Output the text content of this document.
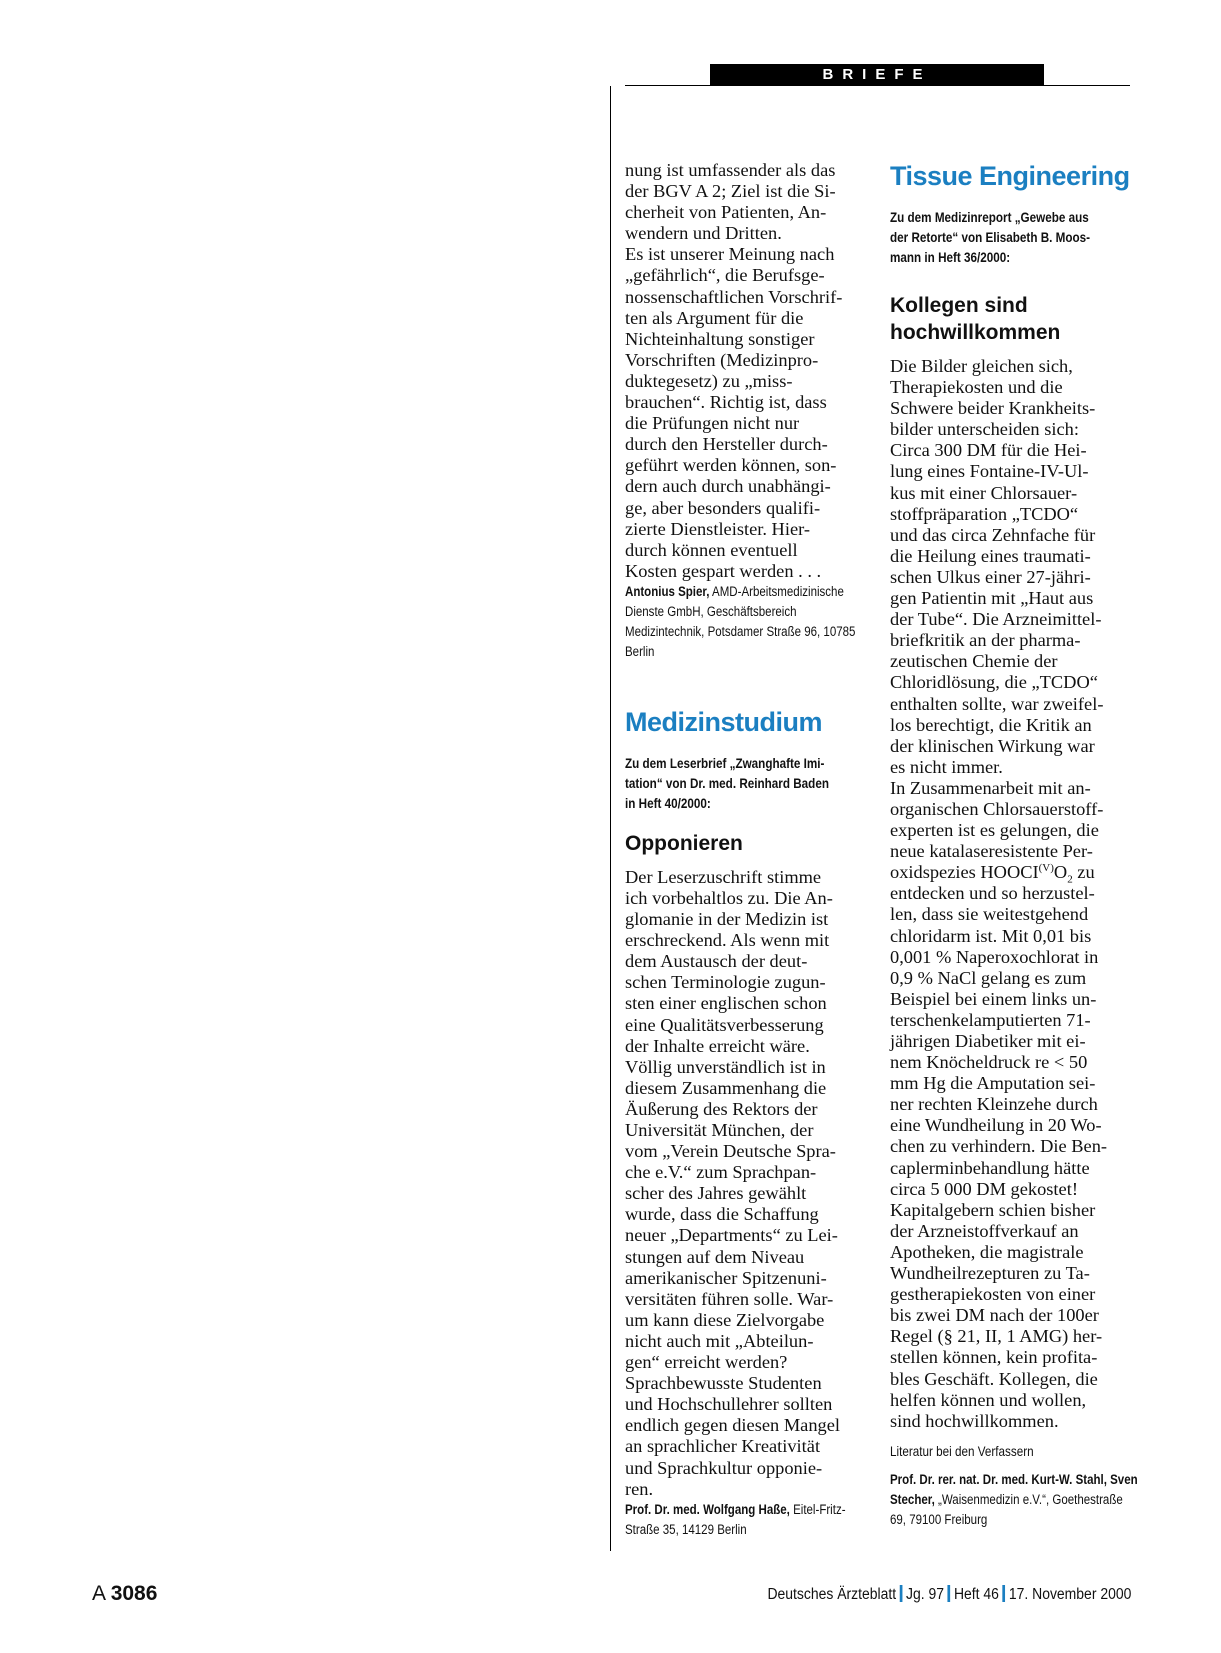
BRIEFE

nung ist umfassender als das
der BGV A 2; Ziel ist die Si-
cherheit von Patienten, An-
wendern und Dritten.
Es ist unserer Meinung nach
„gefährlich“, die Berufsge-
nossenschaftlichen Vorschrif-
ten als Argument für die
Nichteinhaltung sonstiger
Vorschriften (Medizinpro-
duktegesetz) zu „miss-
brauchen“. Richtig ist, dass
die Prüfungen nicht nur
durch den Hersteller durch-
geführt werden können, son-
dern auch durch unabhängi-
ge, aber besonders qualifi-
zierte Dienstleister. Hier-
durch können eventuell
Kosten gespart werden . . .

Antonius Spier, AMD-Arbeitsmedizinische Dienste GmbH, Geschäftsbereich Medizintechnik, Potsdamer Straße 96, 10785 Berlin

Medizinstudium

Zu dem Leserbrief „Zwanghafte Imi-
tation“ von Dr. med. Reinhard Baden
in Heft 40/2000:

Opponieren

Der Leserzuschrift stimme
ich vorbehaltlos zu. Die An-
glomanie in der Medizin ist
erschreckend. Als wenn mit
dem Austausch der deut-
schen Terminologie zugun-
sten einer englischen schon
eine Qualitätsverbesserung
der Inhalte erreicht wäre.
Völlig unverständlich ist in
diesem Zusammenhang die
Äußerung des Rektors der
Universität München, der
vom „Verein Deutsche Spra-
che e.V.“ zum Sprachpan-
scher des Jahres gewählt
wurde, dass die Schaffung
neuer „Departments“ zu Lei-
stungen auf dem Niveau
amerikanischer Spitzenuni-
versitäten führen solle. War-
um kann diese Zielvorgabe
nicht auch mit „Abteilun-
gen“ erreicht werden?
Sprachbewusste Studenten
und Hochschullehrer sollten
endlich gegen diesen Mangel
an sprachlicher Kreativität
und Sprachkultur opponie-
ren.

Prof. Dr. med. Wolfgang Haße, Eitel-Fritz-Straße 35, 14129 Berlin

Tissue Engineering

Zu dem Medizinreport „Gewebe aus
der Retorte“ von Elisabeth B. Moos-
mann in Heft 36/2000:

Kollegen sind
hochwillkommen

Die Bilder gleichen sich,
Therapiekosten und die
Schwere beider Krankheits-
bilder unterscheiden sich:
Circa 300 DM für die Hei-
lung eines Fontaine-IV-Ul-
kus mit einer Chlorsauer-
stoffpräparation „TCDO“
und das circa Zehnfache für
die Heilung eines traumati-
schen Ulkus einer 27-jähri-
gen Patientin mit „Haut aus
der Tube“. Die Arzneimittel-
briefkritik an der pharma-
zeutischen Chemie der
Chloridlösung, die „TCDO“
enthalten sollte, war zweifel-
los berechtigt, die Kritik an
der klinischen Wirkung war
es nicht immer.
In Zusammenarbeit mit an-
organischen Chlorsauerstoff-
experten ist es gelungen, die
neue katalaseresistente Per-

oxidspezies $HOOCI^{(V)}O_2$ zu

entdecken und so herzustel-
len, dass sie weitestgehend
chloridarm ist. Mit 0,01 bis
0,001 % Naperoxochlorat in
0,9 % NaCl gelang es zum
Beispiel bei einem links un-
terschenkelamputierten 71-
jährigen Diabetiker mit ei-
nem Knöcheldruck re < 50
mm Hg die Amputation sei-
ner rechten Kleinzehe durch
eine Wundheilung in 20 Wo-
chen zu verhindern. Die Ben-
caplerminbehandlung hätte
circa 5 000 DM gekostet!
Kapitalgebern schien bisher
der Arzneistoffverkauf an
Apotheken, die magistrale
Wundheilrezepturen zu Ta-
gestherapiekosten von einer
bis zwei DM nach der 100er
Regel (§ 21, II, 1 AMG) her-
stellen können, kein profita-
bles Geschäft. Kollegen, die
helfen können und wollen,
sind hochwillkommen.

Literatur bei den Verfassern

Prof. Dr. rer. nat. Dr. med. Kurt-W. Stahl, Sven Stecher, „Waisenmedizin e.V.“, Goethestraße 69, 79100 Freiburg

A 3086	Deutsches Ärzteblatt Jg. 97 Heft 46 17. November 2000
